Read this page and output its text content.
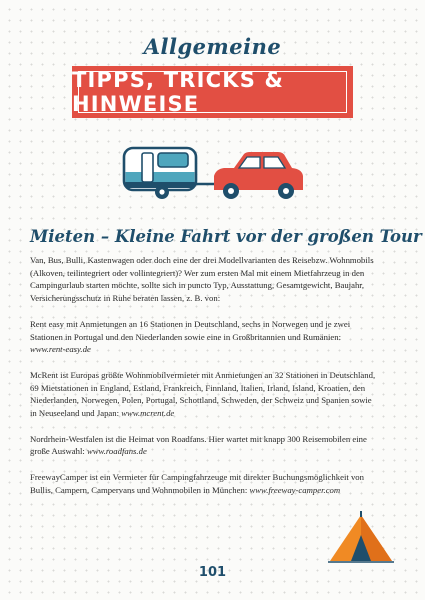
Allgemeine
TIPPS, TRICKS & HINWEISE
Mieten – Kleine Fahrt vor der großen Tour

Van, Bus, Bulli, Kastenwagen oder doch eine der drei Modellvarianten des Reisebzw. Wohnmobils (Alkoven, teilintegriert oder vollintegriert)? Wer zum ersten Mal mit einem Mietfahrzeug in den Campingurlaub starten möchte, sollte sich in puncto Typ, Ausstattung, Gesamtgewicht, Baujahr, Versicherungsschutz in Ruhe beraten lassen, z. B. von:

Rent easy mit Anmietungen an 16 Stationen in Deutschland, sechs in Norwegen und je zwei Stationen in Portugal und den Niederlanden sowie eine in Großbritannien und Rumänien: www.rent-easy.de

McRent ist Europas größte Wohnmobilvermieter mit Anmietungen an 32 Stationen in Deutschland, 69 Mietstationen in England, Estland, Frankreich, Finnland, Italien, Irland, Island, Kroatien, den Niederlanden, Norwegen, Polen, Portugal, Schottland, Schweden, der Schweiz und Spanien sowie in Neuseeland und Japan: www.mcrent.de

Nordrhein-Westfalen ist die Heimat von Roadfans. Hier wartet mit knapp 300 Reisemobilen eine große Auswahl: www.roadfans.de

FreewayCamper ist ein Vermieter für Campingfahrzeuge mit direkter Buchungsmöglichkeit von Bullis, Campern, Campervans und Wohnmobilen in München: www.freeway-camper.com

101
